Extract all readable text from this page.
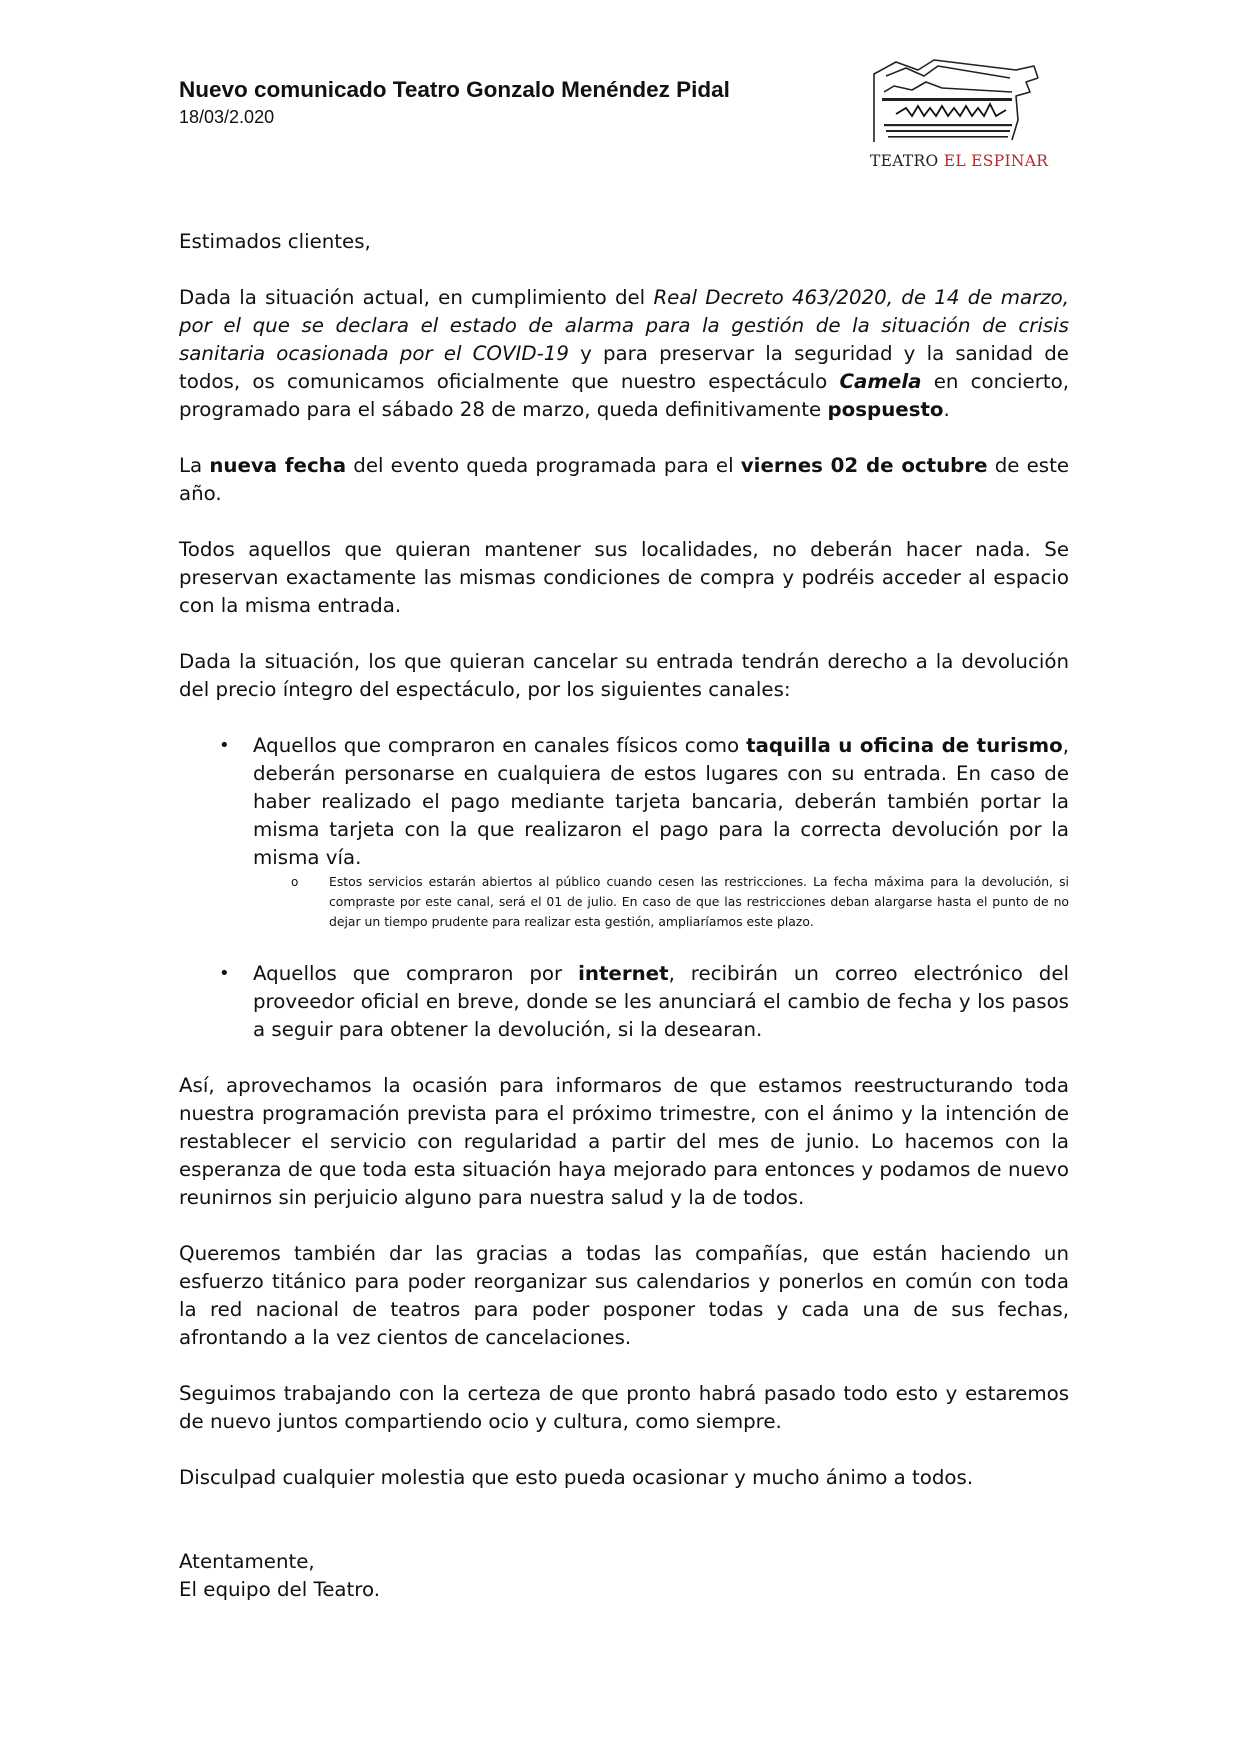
Nuevo comunicado Teatro Gonzalo Menéndez Pidal
18/03/2.020
TEATRO EL ESPINAR

Estimados clientes,

Dada la situación actual, en cumplimiento del Real Decreto 463/2020, de 14 de marzo, por el que se declara el estado de alarma para la gestión de la situación de crisis sanitaria ocasionada por el COVID-19 y para preservar la seguridad y la sanidad de todos, os comunicamos oficialmente que nuestro espectáculo Camela en concierto, programado para el sábado 28 de marzo, queda definitivamente pospuesto.

La nueva fecha del evento queda programada para el viernes 02 de octubre de este año.

Todos aquellos que quieran mantener sus localidades, no deberán hacer nada. Se preservan exactamente las mismas condiciones de compra y podréis acceder al espacio con la misma entrada.

Dada la situación, los que quieran cancelar su entrada tendrán derecho a la devolución del precio íntegro del espectáculo, por los siguientes canales:

• Aquellos que compraron en canales físicos como taquilla u oficina de turismo, deberán personarse en cualquiera de estos lugares con su entrada. En caso de haber realizado el pago mediante tarjeta bancaria, deberán también portar la misma tarjeta con la que realizaron el pago para la correcta devolución por la misma vía.
o Estos servicios estarán abiertos al público cuando cesen las restricciones. La fecha máxima para la devolución, si compraste por este canal, será el 01 de julio. En caso de que las restricciones deban alargarse hasta el punto de no dejar un tiempo prudente para realizar esta gestión, ampliaríamos este plazo.
• Aquellos que compraron por internet, recibirán un correo electrónico del proveedor oficial en breve, donde se les anunciará el cambio de fecha y los pasos a seguir para obtener la devolución, si la desearan.

Así, aprovechamos la ocasión para informaros de que estamos reestructurando toda nuestra programación prevista para el próximo trimestre, con el ánimo y la intención de restablecer el servicio con regularidad a partir del mes de junio. Lo hacemos con la esperanza de que toda esta situación haya mejorado para entonces y podamos de nuevo reunirnos sin perjuicio alguno para nuestra salud y la de todos.

Queremos también dar las gracias a todas las compañías, que están haciendo un esfuerzo titánico para poder reorganizar sus calendarios y ponerlos en común con toda la red nacional de teatros para poder posponer todas y cada una de sus fechas, afrontando a la vez cientos de cancelaciones.

Seguimos trabajando con la certeza de que pronto habrá pasado todo esto y estaremos de nuevo juntos compartiendo ocio y cultura, como siempre.

Disculpad cualquier molestia que esto pueda ocasionar y mucho ánimo a todos.

Atentamente,

El equipo del Teatro.
